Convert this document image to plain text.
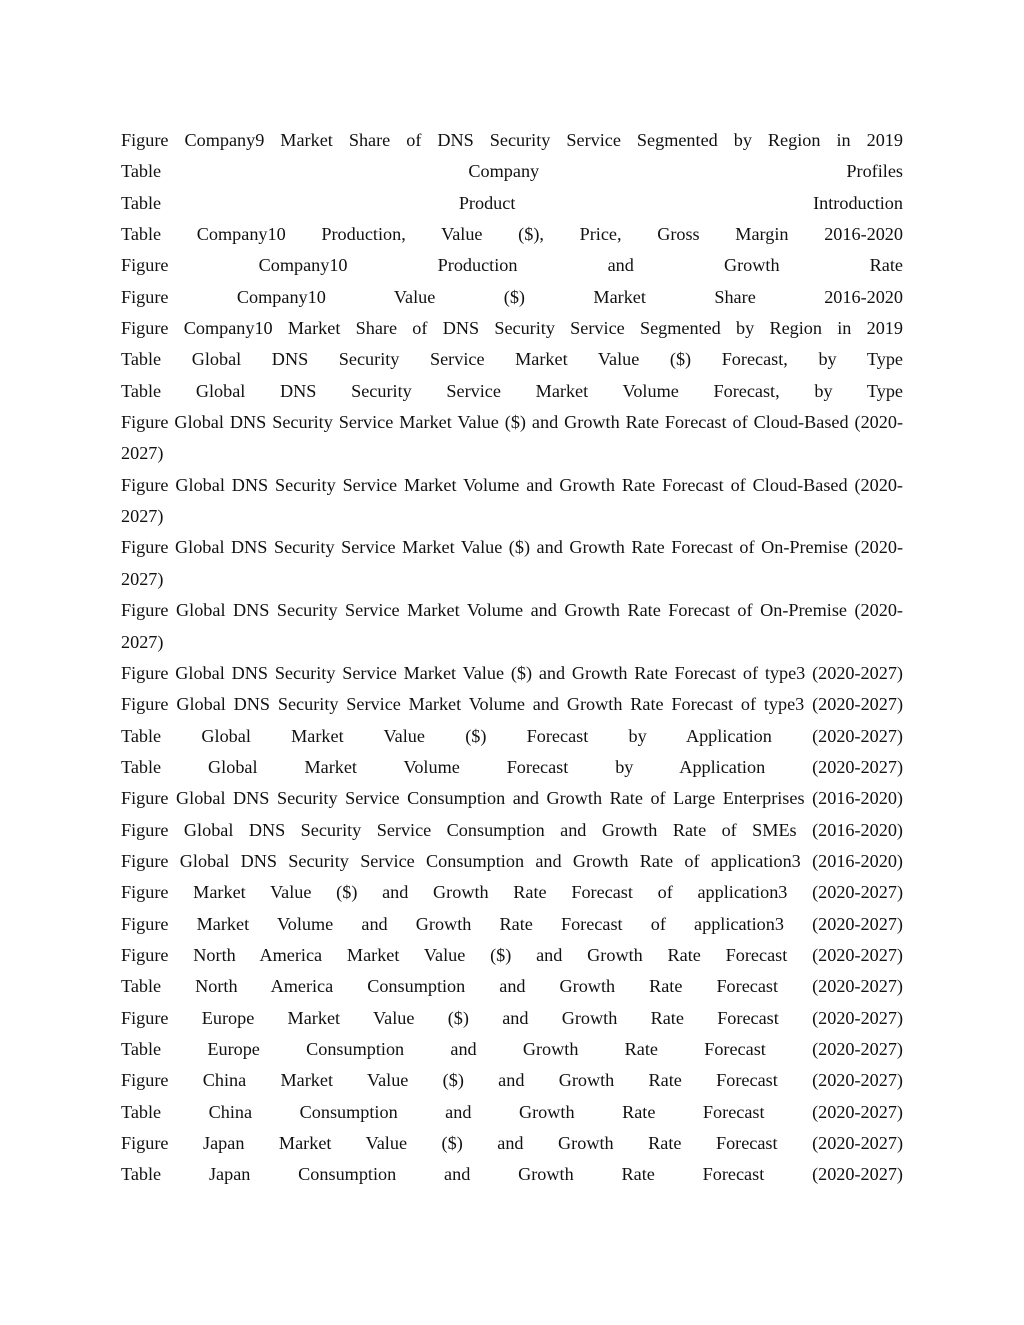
Figure Company9 Market Share of DNS Security Service Segmented by Region in 2019

Table Company Profiles

Table Product Introduction

Table Company10 Production, Value ($), Price, Gross Margin 2016-2020

Figure Company10 Production and Growth Rate

Figure Company10 Value ($) Market Share 2016-2020

Figure Company10 Market Share of DNS Security Service Segmented by Region in 2019

Table Global DNS Security Service Market Value ($) Forecast, by Type

Table Global DNS Security Service Market Volume Forecast, by Type

Figure Global DNS Security Service Market Value ($) and Growth Rate Forecast of Cloud-Based (2020-2027)

Figure Global DNS Security Service Market Volume and Growth Rate Forecast of Cloud-Based (2020-2027)

Figure Global DNS Security Service Market Value ($) and Growth Rate Forecast of On-Premise (2020-2027)

Figure Global DNS Security Service Market Volume and Growth Rate Forecast of On-Premise (2020-2027)

Figure Global DNS Security Service Market Value ($) and Growth Rate Forecast of type3 (2020-2027)

Figure Global DNS Security Service Market Volume and Growth Rate Forecast of type3 (2020-2027)

Table Global Market Value ($) Forecast by Application (2020-2027)

Table Global Market Volume Forecast by Application (2020-2027)

Figure Global DNS Security Service Consumption and Growth Rate of Large Enterprises (2016-2020)

Figure Global DNS Security Service Consumption and Growth Rate of SMEs (2016-2020)

Figure Global DNS Security Service Consumption and Growth Rate of application3 (2016-2020)

Figure Market Value ($) and Growth Rate Forecast of application3 (2020-2027)

Figure Market Volume and Growth Rate Forecast of application3 (2020-2027)

Figure North America Market Value ($) and Growth Rate Forecast (2020-2027)

Table North America Consumption and Growth Rate Forecast (2020-2027)

Figure Europe Market Value ($) and Growth Rate Forecast (2020-2027)

Table Europe Consumption and Growth Rate Forecast (2020-2027)

Figure China Market Value ($) and Growth Rate Forecast (2020-2027)

Table China Consumption and Growth Rate Forecast (2020-2027)

Figure Japan Market Value ($) and Growth Rate Forecast (2020-2027)

Table Japan Consumption and Growth Rate Forecast (2020-2027)
